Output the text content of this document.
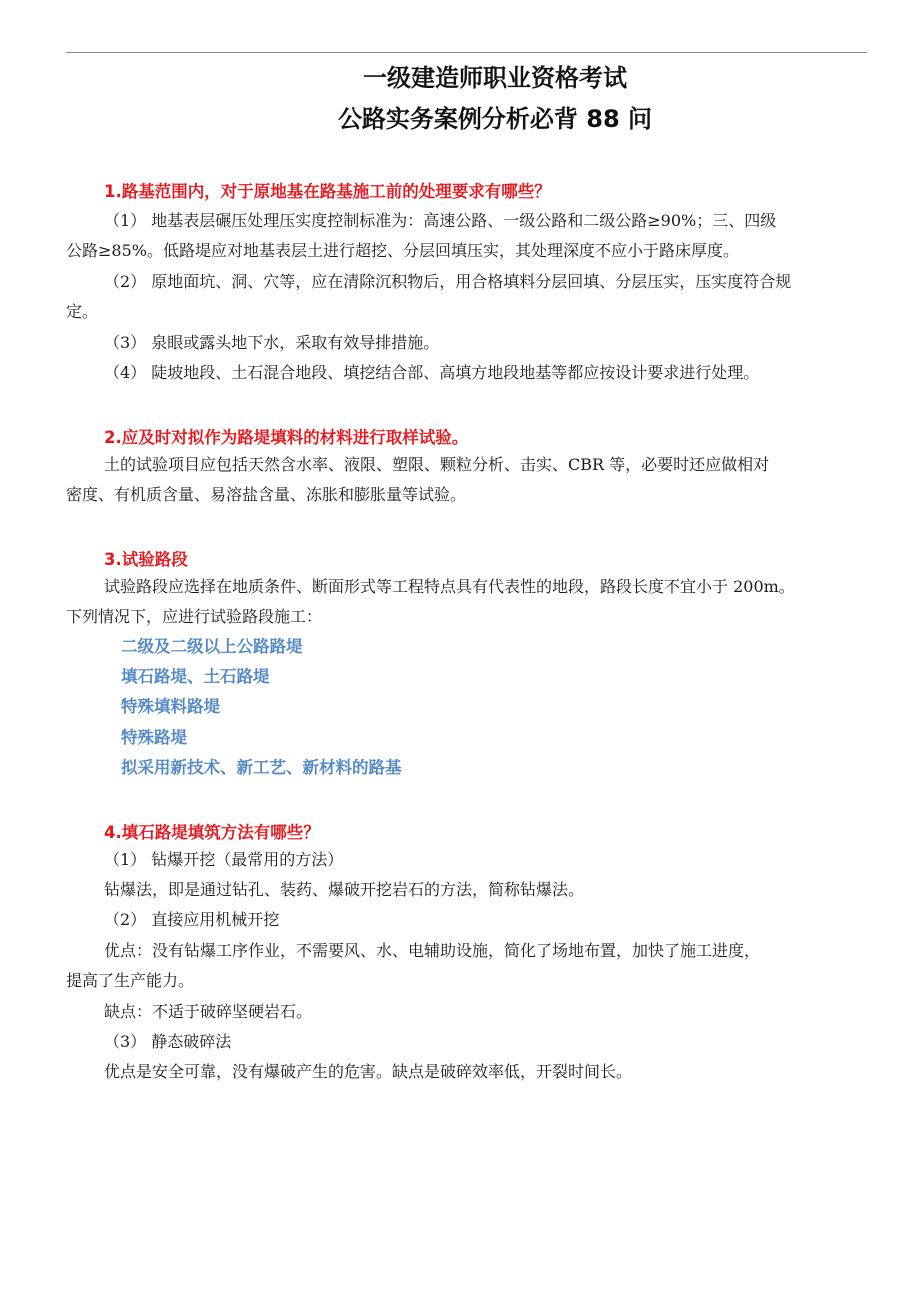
一级建造师职业资格考试
公路实务案例分析必背 88 问
1.路基范围内，对于原地基在路基施工前的处理要求有哪些？
（1） 地基表层碾压处理压实度控制标准为：高速公路、一级公路和二级公路≥90%；三、四级
公路≥85%。低路堤应对地基表层土进行超挖、分层回填压实，其处理深度不应小于路床厚度。
（2） 原地面坑、洞、穴等，应在清除沉积物后，用合格填料分层回填、分层压实，压实度符合规
定。
（3） 泉眼或露头地下水，采取有效导排措施。
（4） 陡坡地段、土石混合地段、填挖结合部、高填方地段地基等都应按设计要求进行处理。
2.应及时对拟作为路堤填料的材料进行取样试验。
土的试验项目应包括天然含水率、液限、塑限、颗粒分析、击实、CBR 等，必要时还应做相对
密度、有机质含量、易溶盐含量、冻胀和膨胀量等试验。
3.试验路段
试验路段应选择在地质条件、断面形式等工程特点具有代表性的地段，路段长度不宜小于 200m。
下列情况下，应进行试验路段施工：
二级及二级以上公路路堤
填石路堤、土石路堤
特殊填料路堤
特殊路堤
拟采用新技术、新工艺、新材料的路基
4.填石路堤填筑方法有哪些？
（1） 钻爆开挖（最常用的方法）
钻爆法，即是通过钻孔、装药、爆破开挖岩石的方法，简称钻爆法。
（2） 直接应用机械开挖
优点：没有钻爆工序作业，不需要风、水、电辅助设施，简化了场地布置，加快了施工进度，
提高了生产能力。
缺点：不适于破碎坚硬岩石。
（3） 静态破碎法
优点是安全可靠，没有爆破产生的危害。缺点是破碎效率低，开裂时间长。
